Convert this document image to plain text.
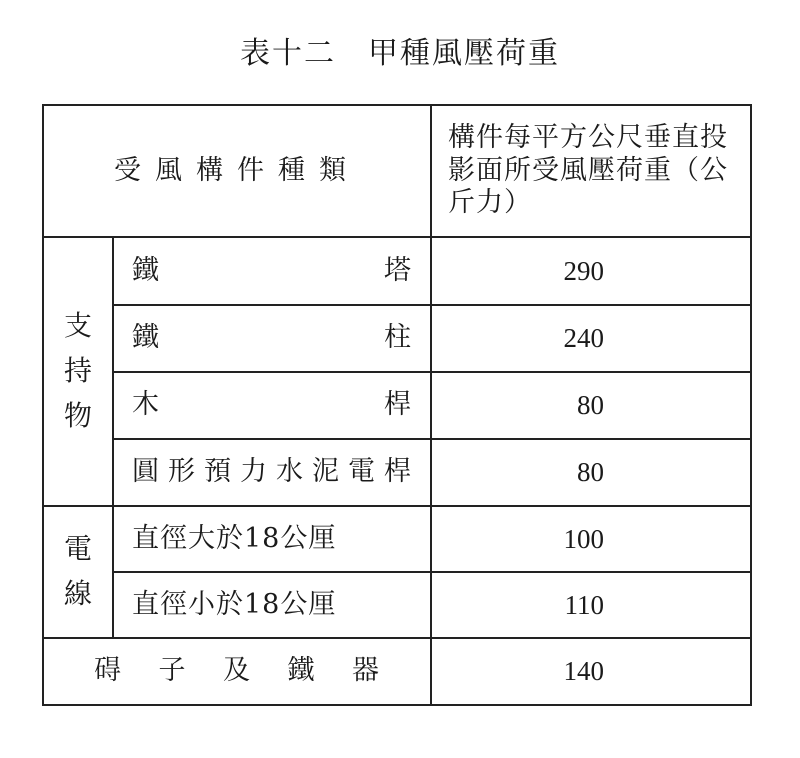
表十二　甲種風壓荷重
受風構件種類		構件每平方公尺垂直投影面所受風壓荷重（公斤力）
支持物	鐵塔	290
	鐵柱	240
	木桿	80
	圓形預力水泥電桿	80
電線	直徑大於18公厘	100
	直徑小於18公厘	110
碍子及鐵器		140
